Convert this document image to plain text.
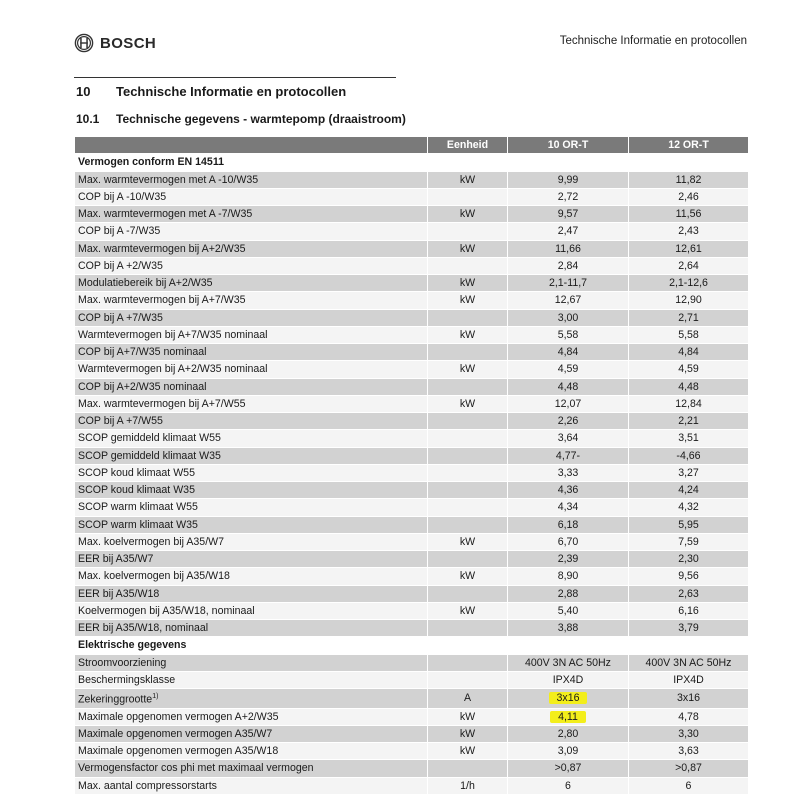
BOSCH	Technische Informatie en protocollen
10 Technische Informatie en protocollen
10.1 Technische gegevens - warmtepomp (draaistroom)
	Eenheid	10 OR-T	12 OR-T
Vermogen conform EN 14511			
Max. warmtevermogen met A -10/W35	kW	9,99	11,82
COP bij A -10/W35		2,72	2,46
Max. warmtevermogen met A -7/W35	kW	9,57	11,56
COP bij A -7/W35		2,47	2,43
Max. warmtevermogen bij A+2/W35	kW	11,66	12,61
COP bij A +2/W35		2,84	2,64
Modulatiebereik bij A+2/W35	kW	2,1-11,7	2,1-12,6
Max. warmtevermogen bij A+7/W35	kW	12,67	12,90
COP bij A +7/W35		3,00	2,71
Warmtevermogen bij A+7/W35 nominaal	kW	5,58	5,58
COP bij A+7/W35 nominaal		4,84	4,84
Warmtevermogen bij A+2/W35 nominaal	kW	4,59	4,59
COP bij A+2/W35 nominaal		4,48	4,48
Max. warmtevermogen bij A+7/W55	kW	12,07	12,84
COP bij A +7/W55		2,26	2,21
SCOP gemiddeld klimaat W55		3,64	3,51
SCOP gemiddeld klimaat W35		4,77-	-4,66
SCOP koud klimaat W55		3,33	3,27
SCOP koud klimaat W35		4,36	4,24
SCOP warm klimaat W55		4,34	4,32
SCOP warm klimaat W35		6,18	5,95
Max. koelvermogen bij A35/W7	kW	6,70	7,59
EER bij A35/W7		2,39	2,30
Max. koelvermogen bij A35/W18	kW	8,90	9,56
EER bij A35/W18		2,88	2,63
Koelvermogen bij A35/W18, nominaal	kW	5,40	6,16
EER bij A35/W18, nominaal		3,88	3,79
Elektrische gegevens			
Stroomvoorziening		400V 3N AC 50Hz	400V 3N AC 50Hz
Beschermingsklasse		IPX4D	IPX4D
Zekeringgrootte$^{1)}$	A	3x16	3x16
Maximale opgenomen vermogen A+2/W35	kW	4,11	4,78
Maximale opgenomen vermogen A35/W7	kW	2,80	3,30
Maximale opgenomen vermogen A35/W18	kW	3,09	3,63
Vermogensfactor cos phi met maximaal vermogen		>0,87	>0,87
Max. aantal compressorstarts	1/h	6	6
